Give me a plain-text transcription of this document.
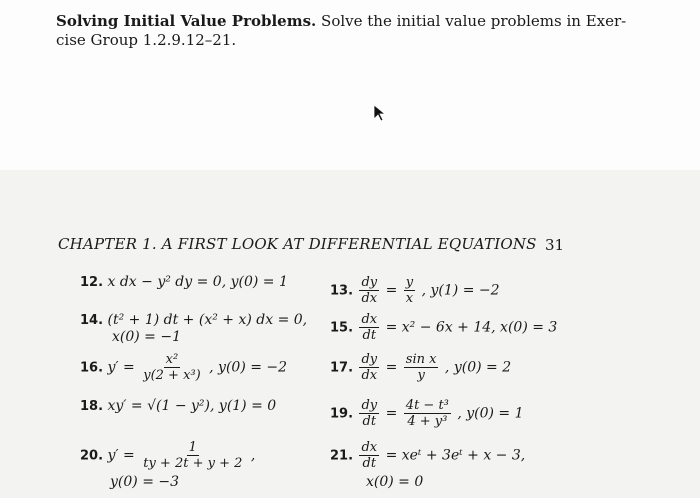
Solving Initial Value Problems. Solve the initial value problems in Exer-
cise Group 1.2.9.12–21.
CHAPTER 1. A FIRST LOOK AT DIFFERENTIAL EQUATIONS 31
12. x dx − y² dy = 0, y(0) = 1
13. $\frac{dy}{dx} = \frac{y}{x}$ , y(1) = −2
14. (t² + 1) dt + (x² + x) dx = 0,
x(0) = −1
15. $\frac{dx}{dt} = x^2 - 6x + 14$, x(0) = 3
16. $y' = \frac{\text{x²}}{\text{y(2 + x³)}}$ , y(0) = −2	17. $\frac{dy}{dx} = \frac{\text{sin x}}{y}$ , y(0) = 2
18. xy′ = √(1 − y²), y(1) = 0	19. $\frac{dy}{dt} = \frac{\text{4t − t³}}{\text{4 + y³}}$ , y(0) = 1
20. $y' = \frac{1}{ty + 2t + y + 2}$ ,
y(0) = −3
21. $\frac{dx}{dt}$ = xeᵗ + 3eᵗ + x − 3,
x(0) = 0
